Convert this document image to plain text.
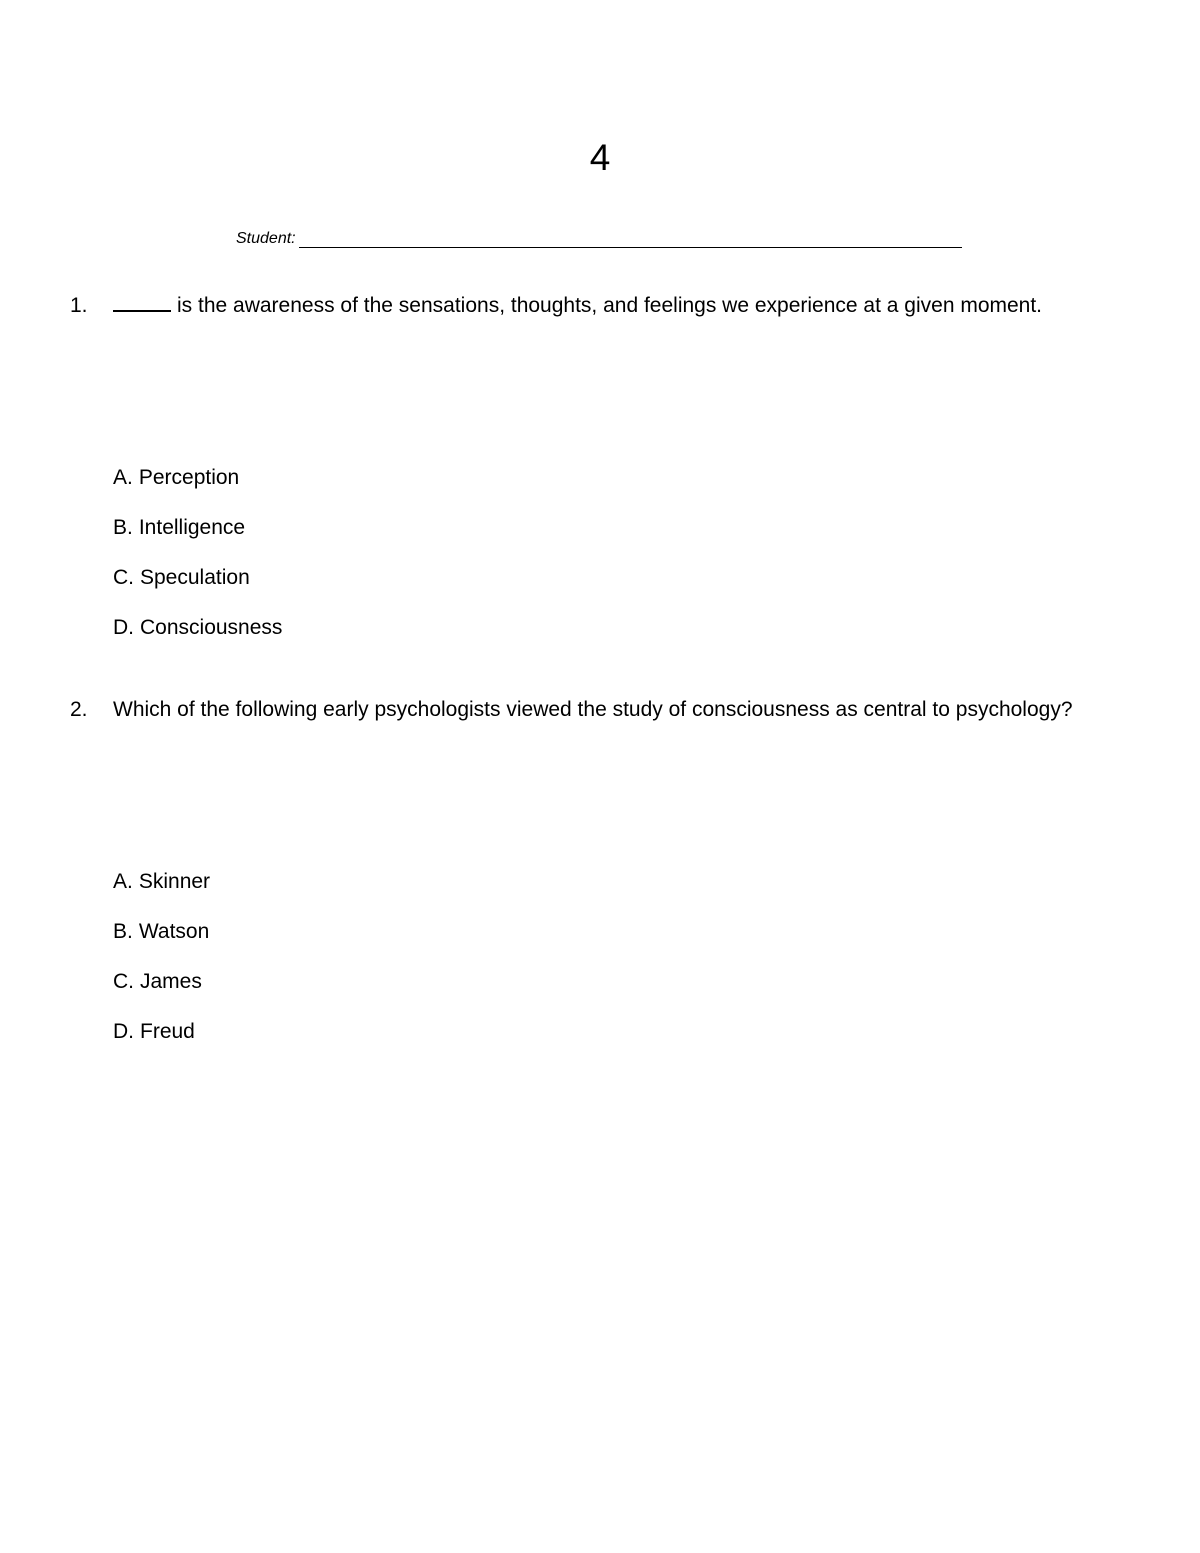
4
Student:
1.	is the awareness of the sensations, thoughts, and feelings we experience at a given moment.
A. Perception
B. Intelligence
C. Speculation
D. Consciousness
2. Which of the following early psychologists viewed the study of consciousness as central to psychology?
A. Skinner
B. Watson
C. James
D. Freud
